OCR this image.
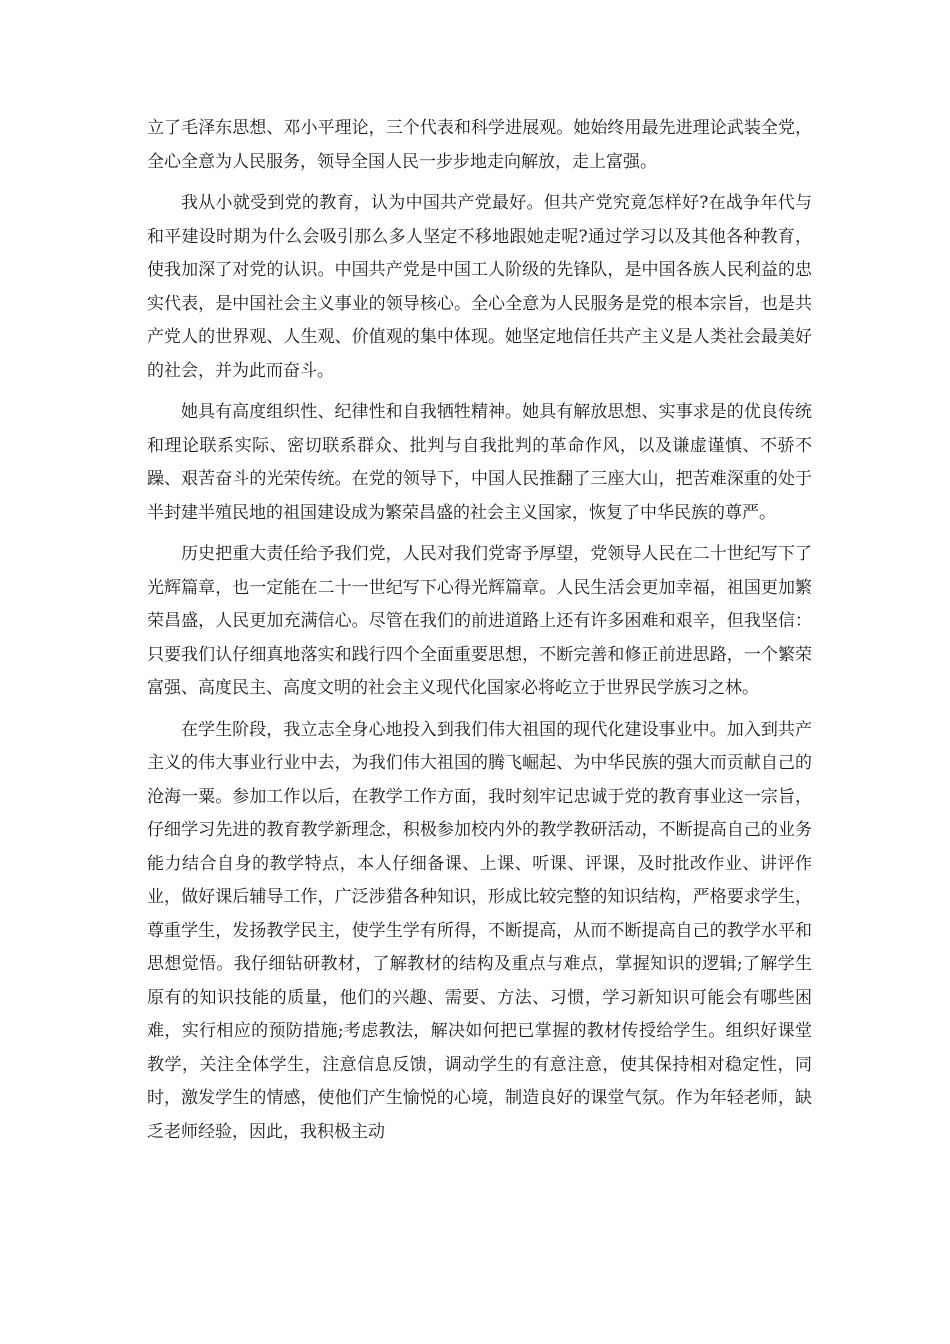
立了毛泽东思想、邓小平理论，三个代表和科学进展观。她始终用最先进理论武装全党，全心全意为人民服务，领导全国人民一步步地走向解放，走上富强。

我从小就受到党的教育，认为中国共产党最好。但共产党究竟怎样好?在战争年代与和平建设时期为什么会吸引那么多人坚定不移地跟她走呢?通过学习以及其他各种教育，使我加深了对党的认识。中国共产党是中国工人阶级的先锋队，是中国各族人民利益的忠实代表，是中国社会主义事业的领导核心。全心全意为人民服务是党的根本宗旨，也是共产党人的世界观、人生观、价值观的集中体现。她坚定地信任共产主义是人类社会最美好的社会，并为此而奋斗。

她具有高度组织性、纪律性和自我牺牲精神。她具有解放思想、实事求是的优良传统和理论联系实际、密切联系群众、批判与自我批判的革命作风，以及谦虚谨慎、不骄不躁、艰苦奋斗的光荣传统。在党的领导下，中国人民推翻了三座大山，把苦难深重的处于半封建半殖民地的祖国建设成为繁荣昌盛的社会主义国家，恢复了中华民族的尊严。

历史把重大责任给予我们党，人民对我们党寄予厚望，党领导人民在二十世纪写下了光辉篇章，也一定能在二十一世纪写下心得光辉篇章。人民生活会更加幸福，祖国更加繁荣昌盛，人民更加充满信心。尽管在我们的前进道路上还有许多困难和艰辛，但我坚信：只要我们认仔细真地落实和践行四个全面重要思想，不断完善和修正前进思路，一个繁荣富强、高度民主、高度文明的社会主义现代化国家必将屹立于世界民学族习之林。

在学生阶段，我立志全身心地投入到我们伟大祖国的现代化建设事业中。加入到共产主义的伟大事业行业中去，为我们伟大祖国的腾飞崛起、为中华民族的强大而贡献自己的沧海一粟。参加工作以后，在教学工作方面，我时刻牢记忠诚于党的教育事业这一宗旨，仔细学习先进的教育教学新理念，积极参加校内外的教学教研活动，不断提高自己的业务能力结合自身的教学特点，本人仔细备课、上课、听课、评课，及时批改作业、讲评作业，做好课后辅导工作，广泛涉猎各种知识，形成比较完整的知识结构，严格要求学生，尊重学生，发扬教学民主，使学生学有所得，不断提高，从而不断提高自己的教学水平和思想觉悟。我仔细钻研教材，了解教材的结构及重点与难点，掌握知识的逻辑;了解学生原有的知识技能的质量，他们的兴趣、需要、方法、习惯，学习新知识可能会有哪些困难，实行相应的预防措施;考虑教法，解决如何把已掌握的教材传授给学生。组织好课堂教学，关注全体学生，注意信息反馈，调动学生的有意注意，使其保持相对稳定性，同时，激发学生的情感，使他们产生愉悦的心境，制造良好的课堂气氛。作为年轻老师，缺乏老师经验，因此，我积极主动
